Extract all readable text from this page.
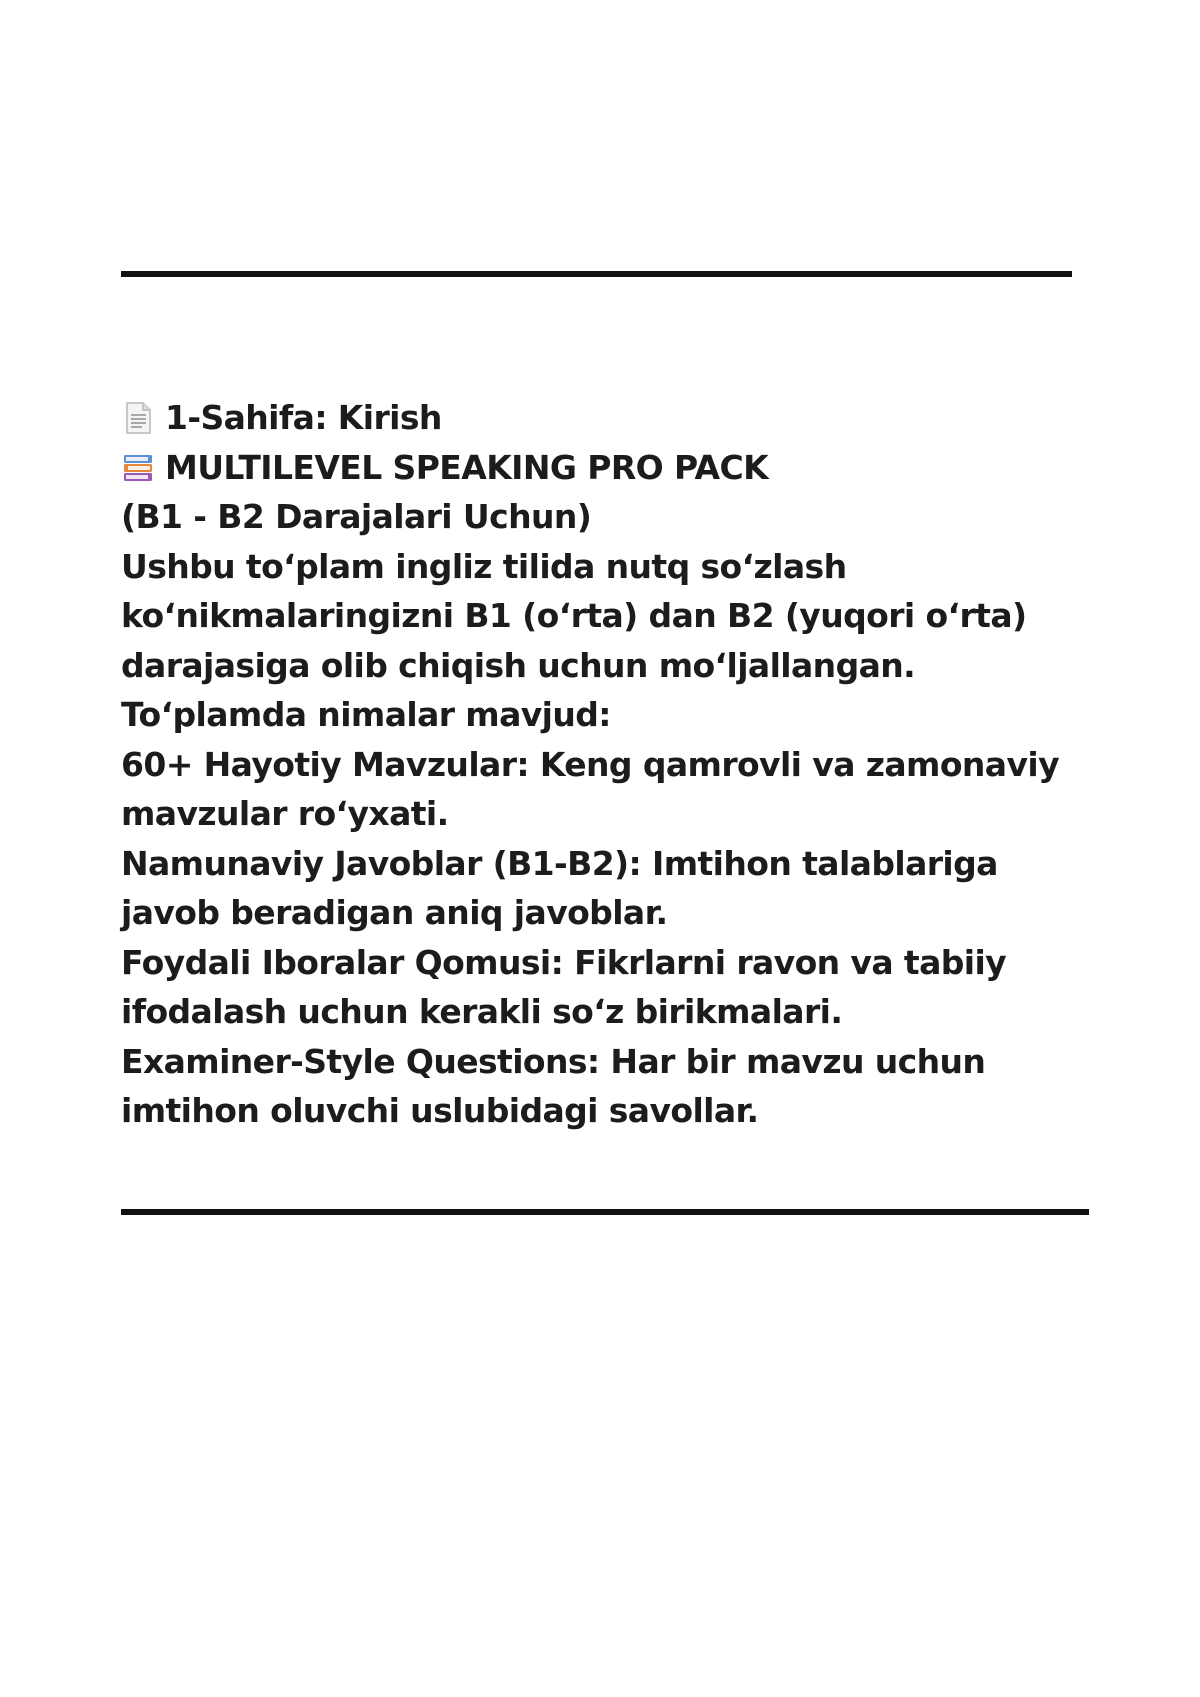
1-Sahifa: Kirish
MULTILEVEL SPEAKING PRO PACK
(B1 - B2 Darajalari Uchun)
Ushbu to‘plam ingliz tilida nutq so‘zlash
ko‘nikmalaringizni B1 (o‘rta) dan B2 (yuqori o‘rta)
darajasiga olib chiqish uchun mo‘ljallangan.
To‘plamda nimalar mavjud:
60+ Hayotiy Mavzular: Keng qamrovli va zamonaviy
mavzular ro‘yxati.
Namunaviy Javoblar (B1-B2): Imtihon talablariga
javob beradigan aniq javoblar.
Foydali Iboralar Qomusi: Fikrlarni ravon va tabiiy
ifodalash uchun kerakli so‘z birikmalari.
Examiner-Style Questions: Har bir mavzu uchun
imtihon oluvchi uslubidagi savollar.
